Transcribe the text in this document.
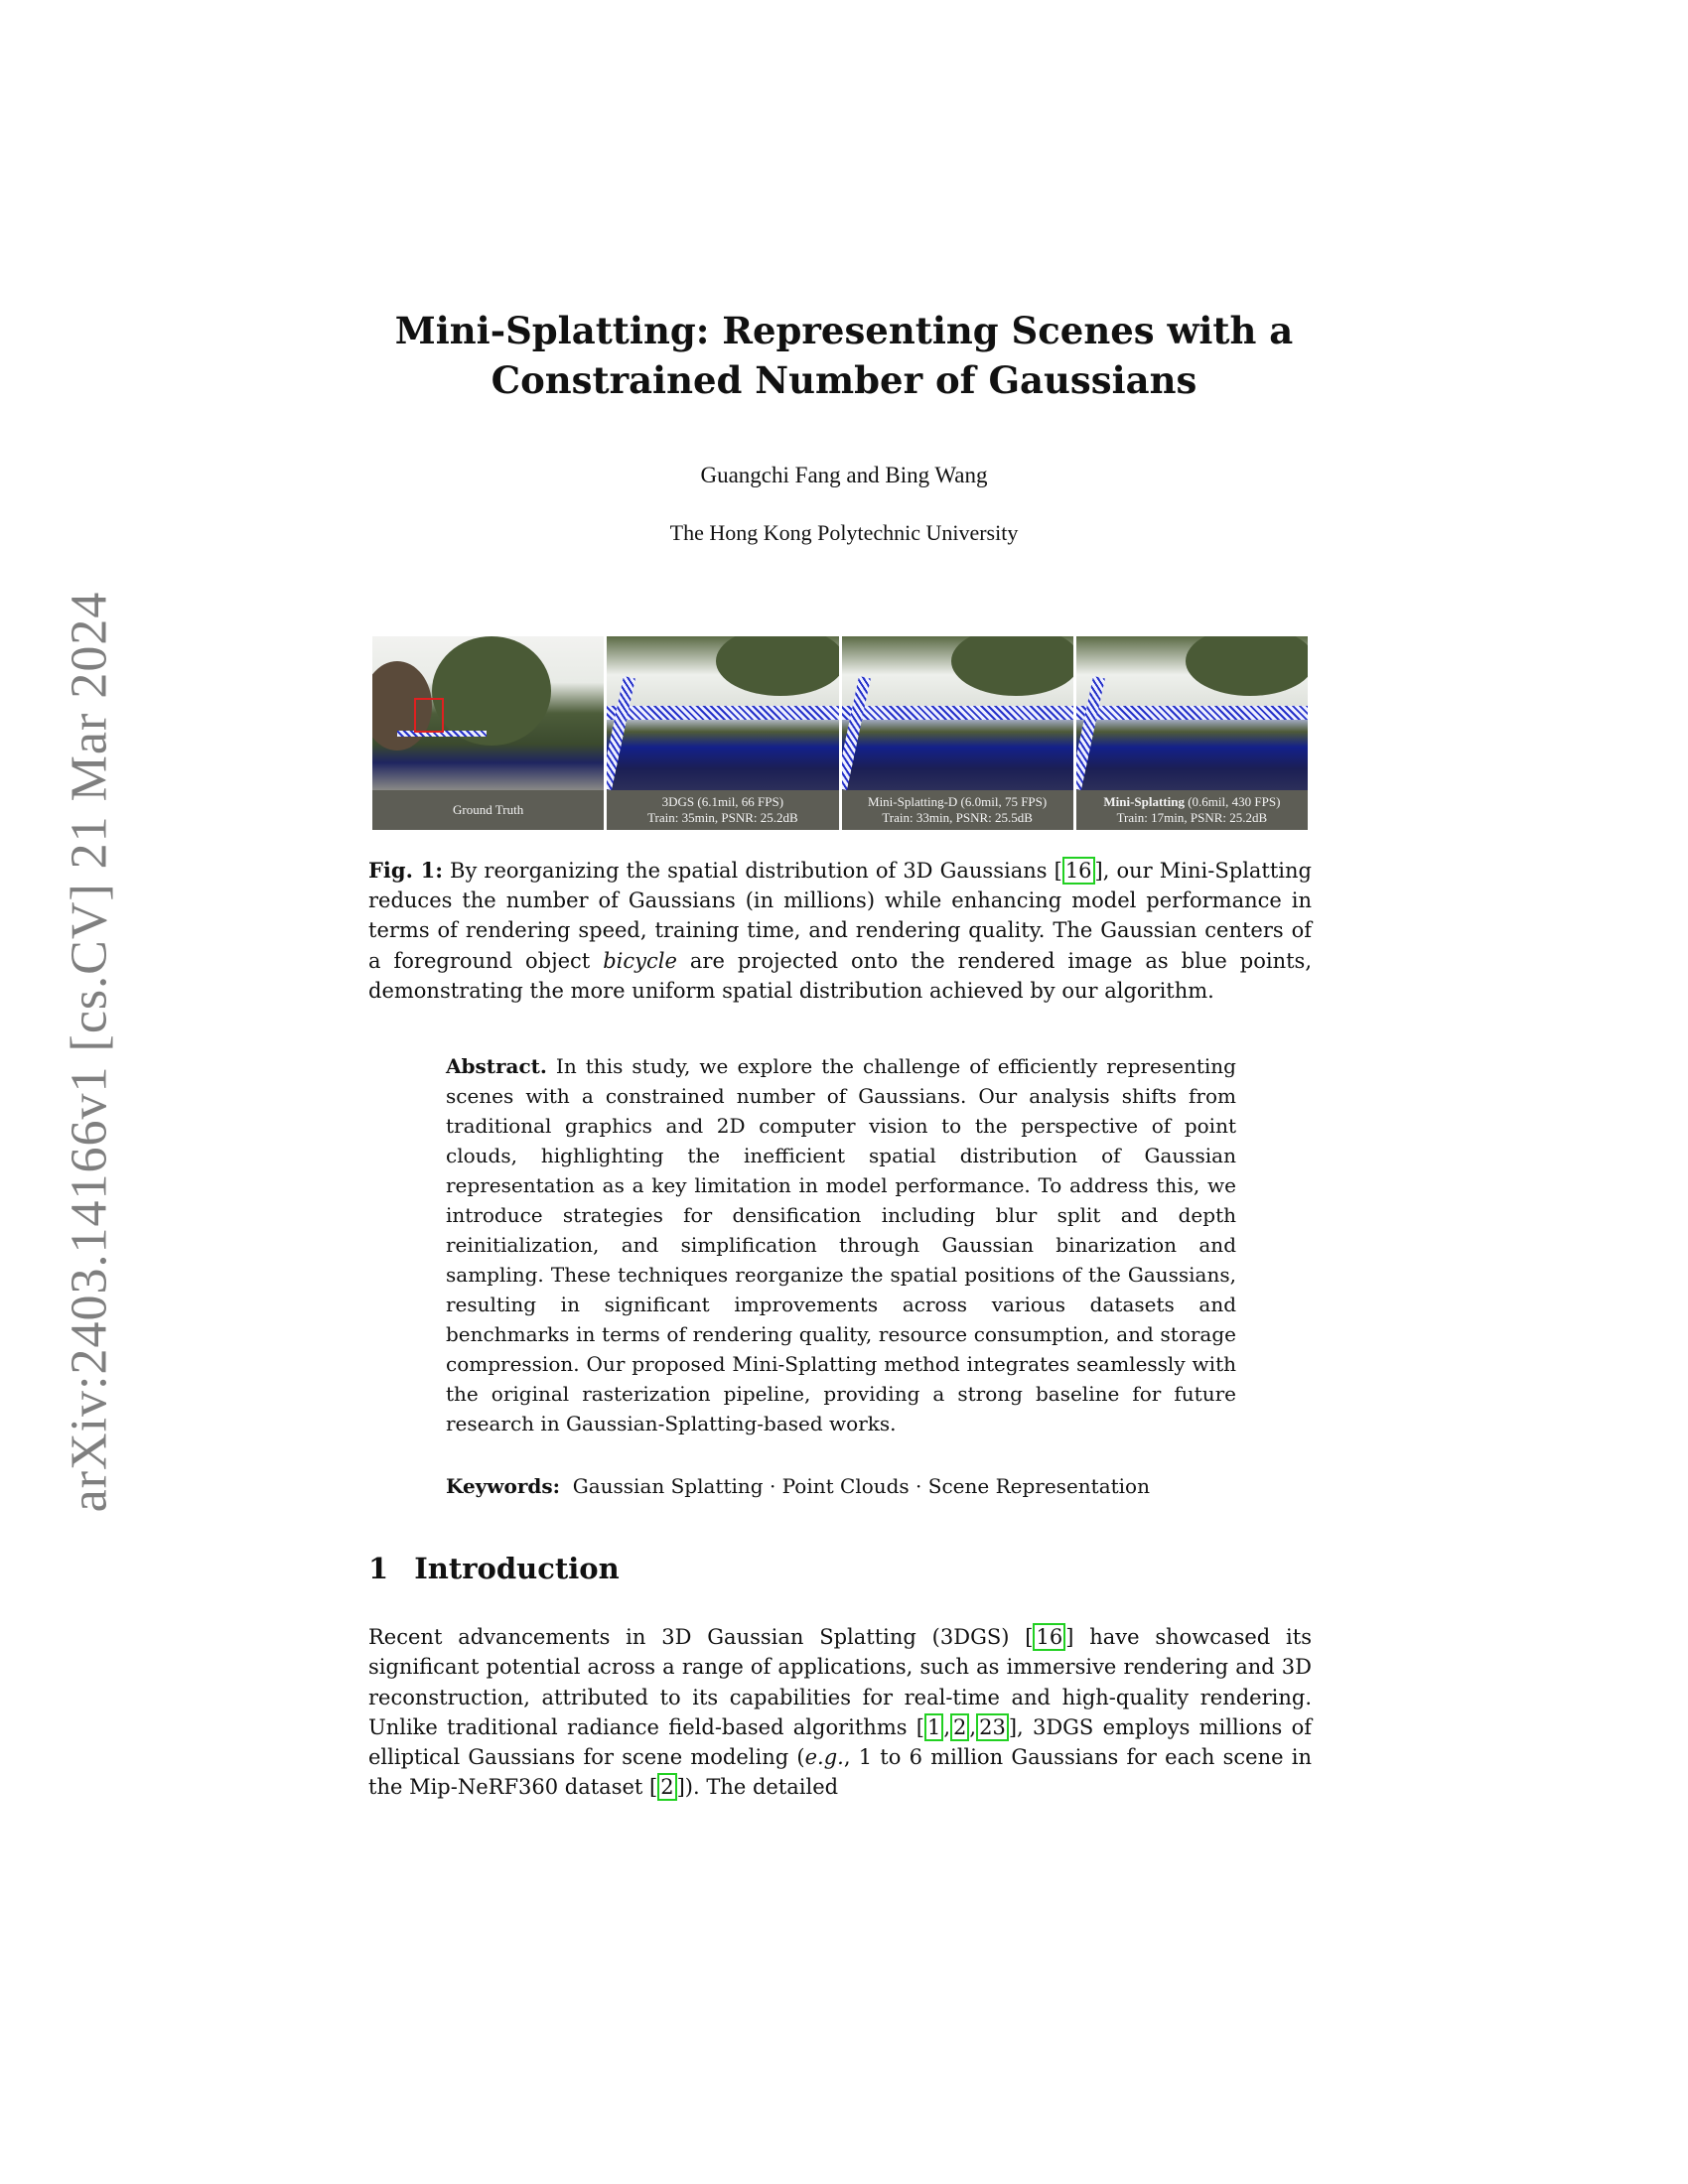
arXiv:2403.14166v1 [cs.CV] 21 Mar 2024
Mini-Splatting: Representing Scenes with a
Constrained Number of Gaussians
Guangchi Fang and Bing Wang
The Hong Kong Polytechnic University
Ground Truth
3DGS (6.1mil, 66 FPS)
Train: 35min, PSNR: 25.2dB
Mini-Splatting-D (6.0mil, 75 FPS)
Train: 33min, PSNR: 25.5dB
Mini-Splatting (0.6mil, 430 FPS)
Train: 17min, PSNR: 25.2dB
Fig. 1: By reorganizing the spatial distribution of 3D Gaussians [ 16 ], our Mini-Splatting reduces the number of Gaussians (in millions) while enhancing model performance in terms of rendering speed, training time, and rendering quality. The Gaussian centers of a foreground object bicycle are projected onto the rendered image as blue points, demonstrating the more uniform spatial distribution achieved by our algorithm.
Abstract. In this study, we explore the challenge of efficiently representing scenes with a constrained number of Gaussians. Our analysis shifts from traditional graphics and 2D computer vision to the perspective of point clouds, highlighting the inefficient spatial distribution of Gaussian representation as a key limitation in model performance. To address this, we introduce strategies for densification including blur split and depth reinitialization, and simplification through Gaussian binarization and sampling. These techniques reorganize the spatial positions of the Gaussians, resulting in significant improvements across various datasets and benchmarks in terms of rendering quality, resource consumption, and storage compression. Our proposed Mini-Splatting method integrates seamlessly with the original rasterization pipeline, providing a strong baseline for future research in Gaussian-Splatting-based works.
Keywords: Gaussian Splatting · Point Clouds · Scene Representation
1 Introduction
Recent advancements in 3D Gaussian Splatting (3DGS) [ 16 ] have showcased its significant potential across a range of applications, such as immersive rendering and 3D reconstruction, attributed to its capabilities for real-time and high-quality rendering. Unlike traditional radiance field-based algorithms [ 1 , 2 , 23 ], 3DGS employs millions of elliptical Gaussians for scene modeling (e.g., 1 to 6 million Gaussians for each scene in the Mip-NeRF360 dataset [ 2 ]). The detailed
